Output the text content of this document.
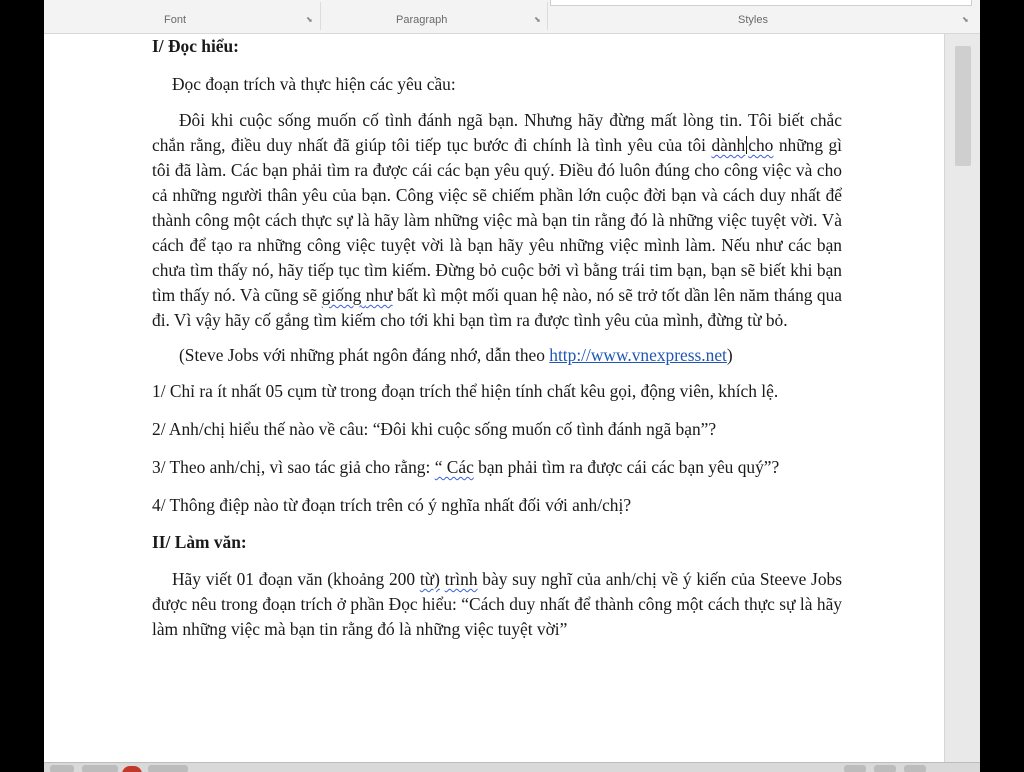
Font	⬊	Paragraph	⬊	Styles	⬊

I/ Đọc hiểu:

Đọc đoạn trích và thực hiện các yêu cầu:

Đôi khi cuộc sống muốn cố tình đánh ngã bạn. Nhưng hãy đừng mất lòng tin. Tôi biết chắc chắn rằng, điều duy nhất đã giúp tôi tiếp tục bước đi chính là tình yêu của tôi dành cho những gì tôi đã làm. Các bạn phải tìm ra được cái các bạn yêu quý. Điều đó luôn đúng cho công việc và cho cả những người thân yêu của bạn. Công việc sẽ chiếm phần lớn cuộc đời bạn và cách duy nhất để thành công một cách thực sự là hãy làm những việc mà bạn tin rằng đó là những việc tuyệt vời. Và cách để tạo ra những công việc tuyệt vời là bạn hãy yêu những việc mình làm. Nếu như các bạn chưa tìm thấy nó, hãy tiếp tục tìm kiếm. Đừng bỏ cuộc bởi vì bằng trái tim bạn, bạn sẽ biết khi bạn tìm thấy nó. Và cũng sẽ giống như bất kì một mối quan hệ nào, nó sẽ trở tốt dần lên năm tháng qua đi. Vì vậy hãy cố gắng tìm kiếm cho tới khi bạn tìm ra được tình yêu của mình, đừng từ bỏ.

(Steve Jobs với những phát ngôn đáng nhớ, dẫn theo http://www.vnexpress.net)

1/ Chỉ ra ít nhất 05 cụm từ trong đoạn trích thể hiện tính chất kêu gọi, động viên, khích lệ.

2/ Anh/chị hiểu thế nào về câu: “Đôi khi cuộc sống muốn cố tình đánh ngã bạn”?

3/ Theo anh/chị, vì sao tác giả cho rằng: “ Các bạn phải tìm ra được cái các bạn yêu quý”?

4/ Thông điệp nào từ đoạn trích trên có ý nghĩa nhất đối với anh/chị?

II/ Làm văn:

Hãy viết 01 đoạn văn (khoảng 200 từ) trình bày suy nghĩ của anh/chị về ý kiến của Steeve Jobs được nêu trong đoạn trích ở phần Đọc hiểu: “Cách duy nhất để thành công một cách thực sự là hãy làm những việc mà bạn tin rằng đó là những việc tuyệt vời”
